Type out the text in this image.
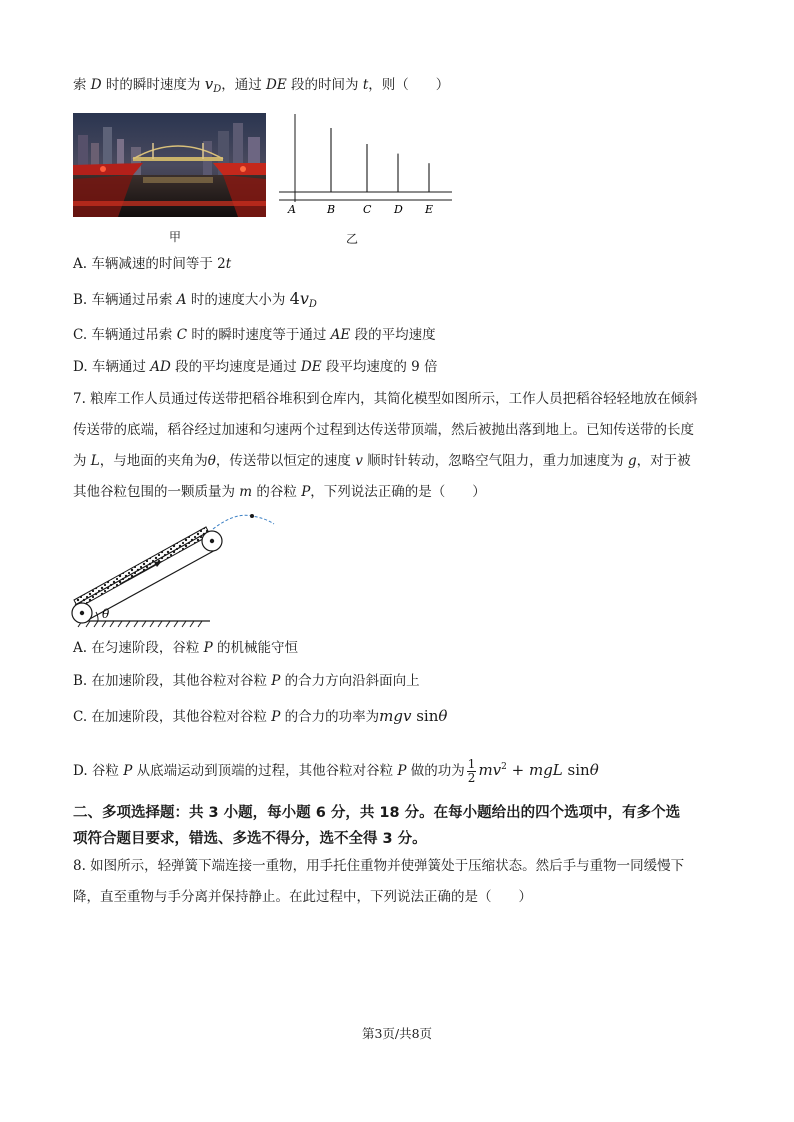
索 D 时的瞬时速度为 $v_D$，通过 DE 段的时间为 t，则（　　）
A	B	C D E
甲	乙
A. 车辆减速的时间等于 2t
B. 车辆通过吊索 A 时的速度大小为 $4v_D$
C. 车辆通过吊索 C 时的瞬时速度等于通过 AE 段的平均速度
D. 车辆通过 AD 段的平均速度是通过 DE 段平均速度的 9 倍
7. 粮库工作人员通过传送带把稻谷堆积到仓库内，其简化模型如图所示，工作人员把稻谷轻轻地放在倾斜
传送带的底端，稻谷经过加速和匀速两个过程到达传送带顶端，然后被抛出落到地上。已知传送带的长度
为 L，与地面的夹角为θ，传送带以恒定的速度 v 顺时针转动，忽略空气阻力，重力加速度为 g，对于被
其他谷粒包围的一颗质量为 m 的谷粒 P，下列说法正确的是（　　）
θ
A. 在匀速阶段，谷粒 P 的机械能守恒
B. 在加速阶段，其他谷粒对谷粒 P 的合力方向沿斜面向上
C. 在加速阶段，其他谷粒对谷粒 P 的合力的功率为mgv sinθ
D. 谷粒 P 从底端运动到顶端的过程，其他谷粒对谷粒 P 做的功为 $\frac{1}{2} mv^2$ + mgL sinθ
二、多项选择题：共 3 小题，每小题 6 分，共 18 分。在每小题给出的四个选项中，有多个选
项符合题目要求，错选、多选不得分，选不全得 3 分。
8. 如图所示，轻弹簧下端连接一重物，用手托住重物并使弹簧处于压缩状态。然后手与重物一同缓慢下
降，直至重物与手分离并保持静止。在此过程中，下列说法正确的是（　　）
第3页/共8页
